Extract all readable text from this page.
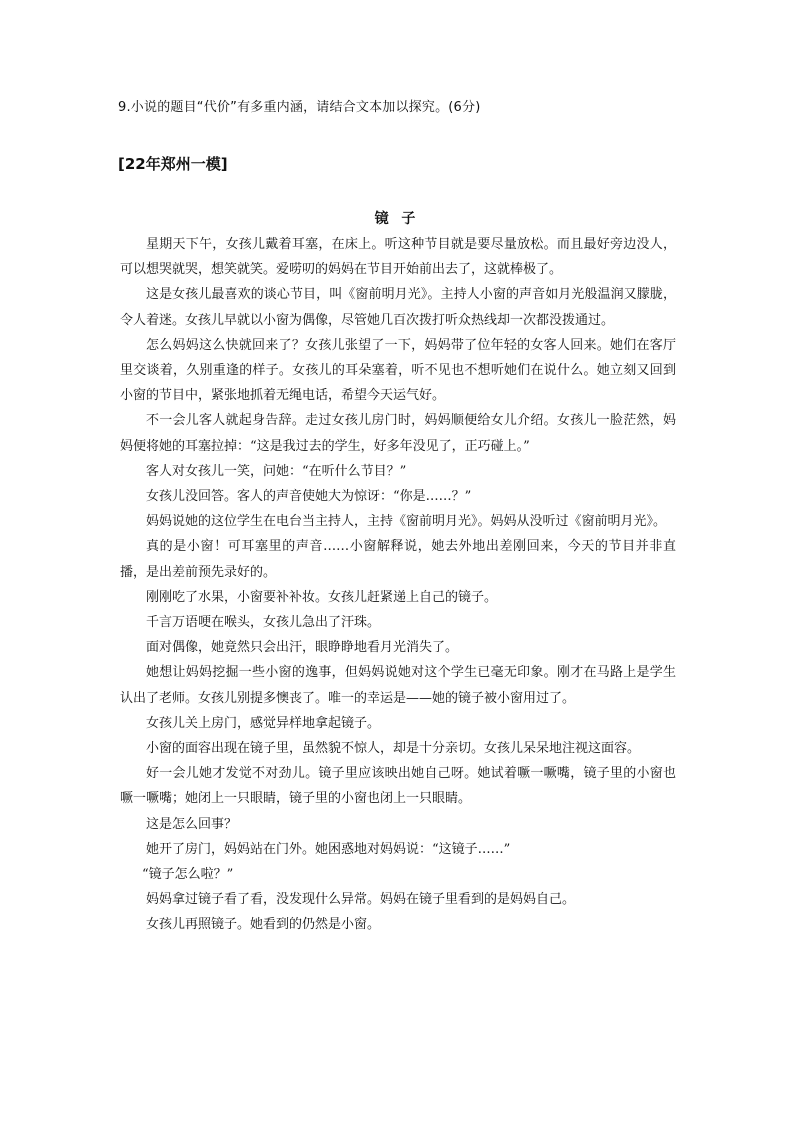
9.小说的题目“代价”有多重内涵，请结合文本加以探究。(6分)
[22年郑州一模]
镜 子

星期天下午，女孩儿戴着耳塞，在床上。听这种节目就是要尽量放松。而且最好旁边没人，可以想哭就哭，想笑就笑。爱唠叨的妈妈在节目开始前出去了，这就棒极了。

这是女孩儿最喜欢的谈心节目，叫《窗前明月光》。主持人小窗的声音如月光般温润又朦胧，令人着迷。女孩儿早就以小窗为偶像，尽管她几百次拨打听众热线却一次都没拨通过。

怎么妈妈这么快就回来了？女孩儿张望了一下，妈妈带了位年轻的女客人回来。她们在客厅里交谈着，久别重逢的样子。女孩儿的耳朵塞着，听不见也不想听她们在说什么。她立刻又回到小窗的节目中，紧张地抓着无绳电话，希望今天运气好。

不一会儿客人就起身告辞。走过女孩儿房门时，妈妈顺便给女儿介绍。女孩儿一脸茫然，妈妈便将她的耳塞拉掉：“这是我过去的学生，好多年没见了，正巧碰上。”

客人对女孩儿一笑，问她：“在听什么节目？”

女孩儿没回答。客人的声音使她大为惊讶：“你是……？”

妈妈说她的这位学生在电台当主持人，主持《窗前明月光》。妈妈从没听过《窗前明月光》。

真的是小窗！可耳塞里的声音……小窗解释说，她去外地出差刚回来，今天的节目并非直播，是出差前预先录好的。

刚刚吃了水果，小窗要补补妆。女孩儿赶紧递上自己的镜子。

千言万语哽在喉头，女孩儿急出了汗珠。

面对偶像，她竟然只会出汗，眼睁睁地看月光消失了。

她想让妈妈挖掘一些小窗的逸事，但妈妈说她对这个学生已毫无印象。刚才在马路上是学生认出了老师。女孩儿别提多懊丧了。唯一的幸运是——她的镜子被小窗用过了。

女孩儿关上房门，感觉异样地拿起镜子。

小窗的面容出现在镜子里，虽然貌不惊人，却是十分亲切。女孩儿呆呆地注视这面容。

好一会儿她才发觉不对劲儿。镜子里应该映出她自己呀。她试着噘一噘嘴，镜子里的小窗也噘一噘嘴；她闭上一只眼睛，镜子里的小窗也闭上一只眼睛。

这是怎么回事？

她开了房门，妈妈站在门外。她困惑地对妈妈说：“这镜子……”

“镜子怎么啦？”

妈妈拿过镜子看了看，没发现什么异常。妈妈在镜子里看到的是妈妈自己。

女孩儿再照镜子。她看到的仍然是小窗。
